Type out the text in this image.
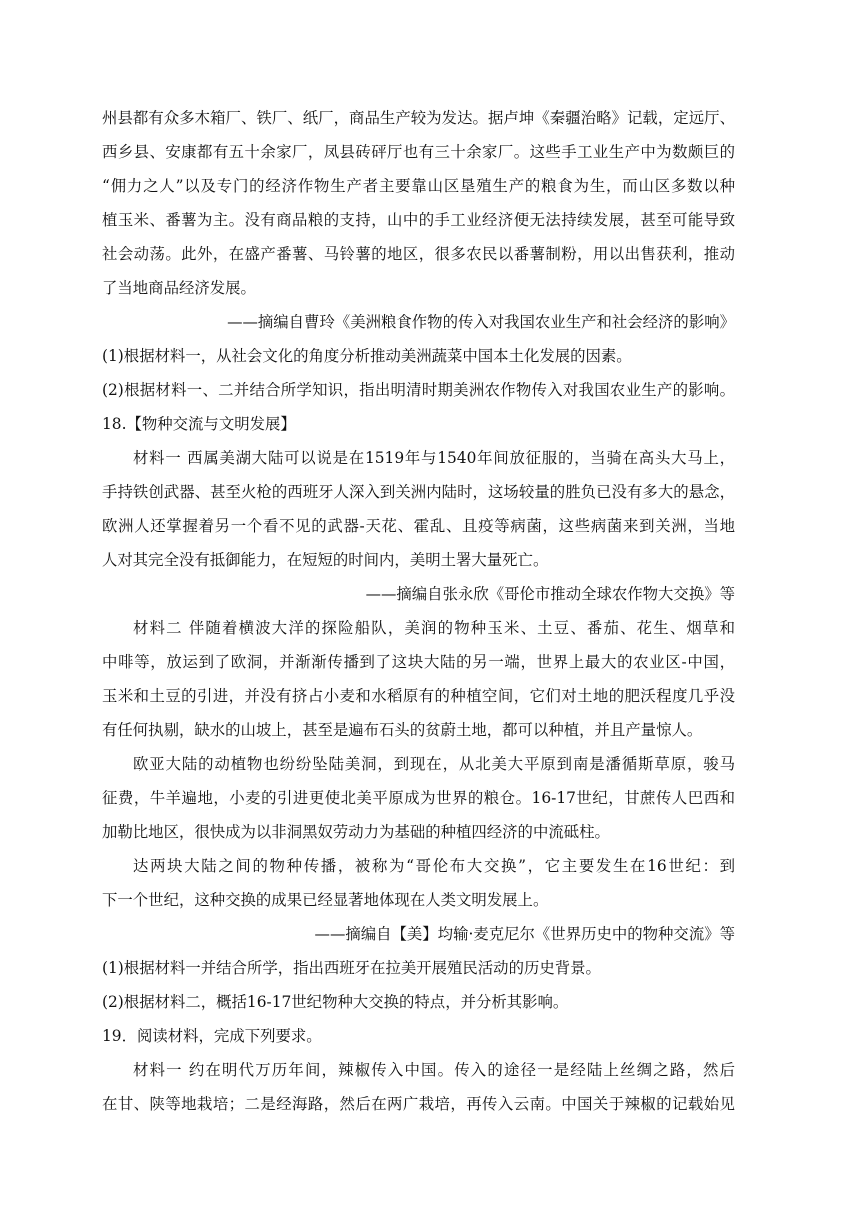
州县都有众多木箱厂、铁厂、纸厂，商品生产较为发达。据卢坤《秦疆治略》记载，定远厅、
西乡县、安康都有五十余家厂，凤县砖砰厅也有三十余家厂。这些手工业生产中为数颇巨的
“佣力之人”以及专门的经济作物生产者主要靠山区垦殖生产的粮食为生，而山区多数以种
植玉米、番薯为主。没有商品粮的支持，山中的手工业经济便无法持续发展，甚至可能导致
社会动荡。此外，在盛产番薯、马铃薯的地区，很多农民以番薯制粉，用以出售获利，推动
了当地商品经济发展。
——摘编自曹玲《美洲粮食作物的传入对我国农业生产和社会经济的影响》
(1)根据材料一，从社会文化的角度分析推动美洲蔬菜中国本土化发展的因素。
(2)根据材料一、二并结合所学知识，指出明清时期美洲农作物传入对我国农业生产的影响。
18.【物种交流与文明发展】
材料一 西属美湖大陆可以说是在1519年与1540年间放征服的，当骑在高头大马上，
手持铁创武器、甚至火枪的西班牙人深入到关洲内陆时，这场较量的胜负已没有多大的悬念，
欧洲人还掌握着另一个看不见的武器-天花、霍乱、且疫等病菌，这些病菌来到关洲，当地
人对其完全没有抵御能力，在短短的时间内，美明土署大量死亡。
——摘编自张永欣《哥伦市推动全球农作物大交换》等
材料二 伴随着横波大洋的探险船队，美润的物种玉米、土豆、番茄、花生、烟草和
中啡等，放运到了欧洞，并渐渐传播到了这块大陆的另一端，世界上最大的农业区-中国，
玉米和土豆的引进，并没有挤占小麦和水稻原有的种植空间，它们对土地的肥沃程度几乎没
有任何执剔，缺水的山坡上，甚至是遍布石头的贫蔚土地，都可以种植，并且产量惊人。
欧亚大陆的动植物也纷纷坠陆美洞，到现在，从北美大平原到南是潘循斯草原，骏马
征费，牛羊遍地，小麦的引进更使北美平原成为世界的粮仓。16-17世纪，甘蔗传人巴西和
加勒比地区，很快成为以非洞黑奴劳动力为基础的种植四经济的中流砥柱。
达两块大陆之间的物种传播，被称为“哥伦布大交换”，它主要发生在16世纪：到
下一个世纪，这种交换的成果已经显著地体现在人类文明发展上。
——摘编自【美】均输·麦克尼尔《世界历史中的物种交流》等
(1)根据材料一并结合所学，指出西班牙在拉美开展殖民活动的历史背景。
(2)根据材料二，概括16-17世纪物种大交换的特点，并分析其影响。
19．阅读材料，完成下列要求。
材料一 约在明代万历年间，辣椒传入中国。传入的途径一是经陆上丝绸之路，然后
在甘、陕等地栽培；二是经海路，然后在两广栽培，再传入云南。中国关于辣椒的记载始见
